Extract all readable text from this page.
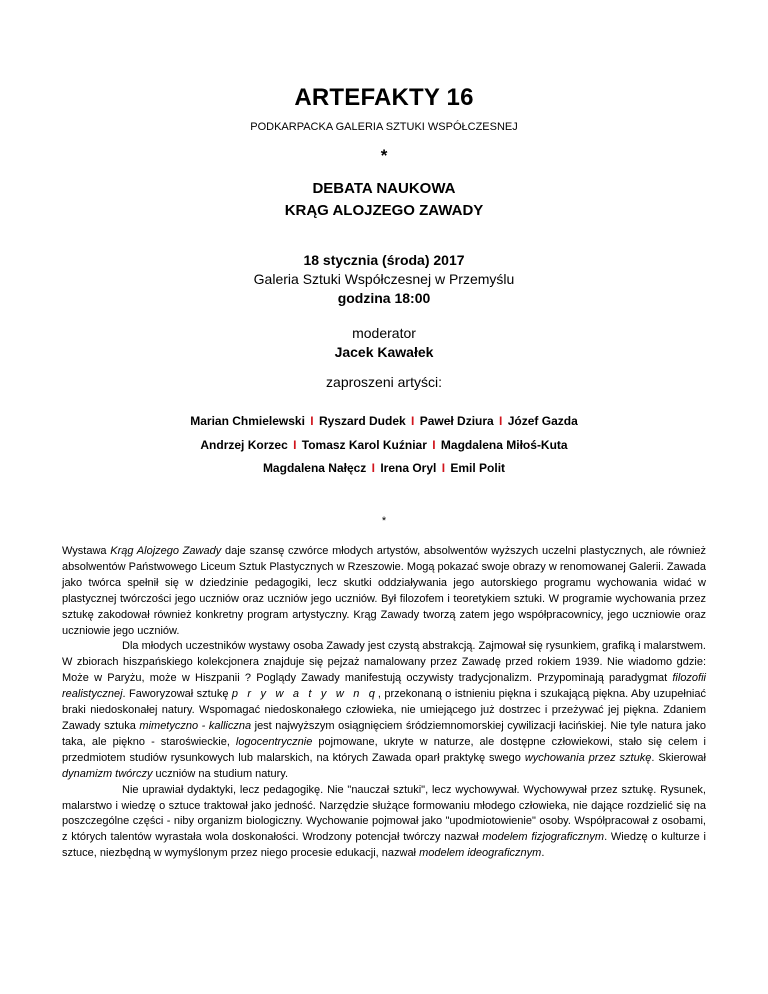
ARTEFAKTY 16
PODKARPACKA GALERIA SZTUKI WSPÓŁCZESNEJ
*
DEBATA NAUKOWA
KRĄG ALOJZEGO ZAWADY
18 stycznia (środa) 2017
Galeria Sztuki Współczesnej w Przemyślu
godzina 18:00
moderator
Jacek Kawałek
zaproszeni artyści:
Marian Chmielewski I Ryszard Dudek I Paweł Dziura I Józef Gazda
Andrzej Korzec I Tomasz Karol Kuźniar I Magdalena Miłoś-Kuta
Magdalena Nałęcz I Irena Oryl I Emil Polit
*

Wystawa Krąg Alojzego Zawady daje szansę czwórce młodych artystów, absolwentów wyższych uczelni plastycznych, ale również absolwentów Państwowego Liceum Sztuk Plastycznych w Rzeszowie. Mogą pokazać swoje obrazy w renomowanej Galerii. Zawada jako twórca spełnił się w dziedzinie pedagogiki, lecz skutki oddziaływania jego autorskiego programu wychowania widać w plastycznej twórczości jego uczniów oraz uczniów jego uczniów. Był filozofem i teoretykiem sztuki. W programie wychowania przez sztukę zakodował również konkretny program artystyczny. Krąg Zawady tworzą zatem jego współpracownicy, jego uczniowie oraz uczniowie jego uczniów.

Dla młodych uczestników wystawy osoba Zawady jest czystą abstrakcją. Zajmował się rysunkiem, grafiką i malarstwem. W zbiorach hiszpańskiego kolekcjonera znajduje się pejzaż namalowany przez Zawadę przed rokiem 1939. Nie wiadomo gdzie: Może w Paryżu, może w Hiszpanii ? Poglądy Zawady manifestują oczywisty tradycjonalizm. Przypominają paradygmat filozofii realistycznej. Faworyzował sztukę p r y w a t y w n q, przekonaną o istnieniu piękna i szukającą piękna. Aby uzupełniać braki niedoskonałej natury. Wspomagać niedoskonałego człowieka, nie umiejącego już dostrzec i przeżywać jej piękna. Zdaniem Zawady sztuka mimetyczno - kalliczna jest najwyższym osiągnięciem śródziemnomorskiej cywilizacji łacińskiej. Nie tyle natura jako taka, ale piękno - staroświeckie, logocentrycznie pojmowane, ukryte w naturze, ale dostępne człowiekowi, stało się celem i przedmiotem studiów rysunkowych lub malarskich, na których Zawada oparł praktykę swego wychowania przez sztukę. Skierował dynamizm twórczy uczniów na studium natury.

Nie uprawiał dydaktyki, lecz pedagogikę. Nie "nauczał sztuki", lecz wychowywał. Wychowywał przez sztukę. Rysunek, malarstwo i wiedzę o sztuce traktował jako jedność. Narzędzie służące formowaniu młodego człowieka, nie dające rozdzielić się na poszczególne części - niby organizm biologiczny. Wychowanie pojmował jako "upodmiotowienie" osoby. Współpracował z osobami, z których talentów wyrastała wola doskonałości. Wrodzony potencjał twórczy nazwał modelem fizjograficznym. Wiedzę o kulturze i sztuce, niezbędną w wymyślonym przez niego procesie edukacji, nazwał modelem ideograficznym.
